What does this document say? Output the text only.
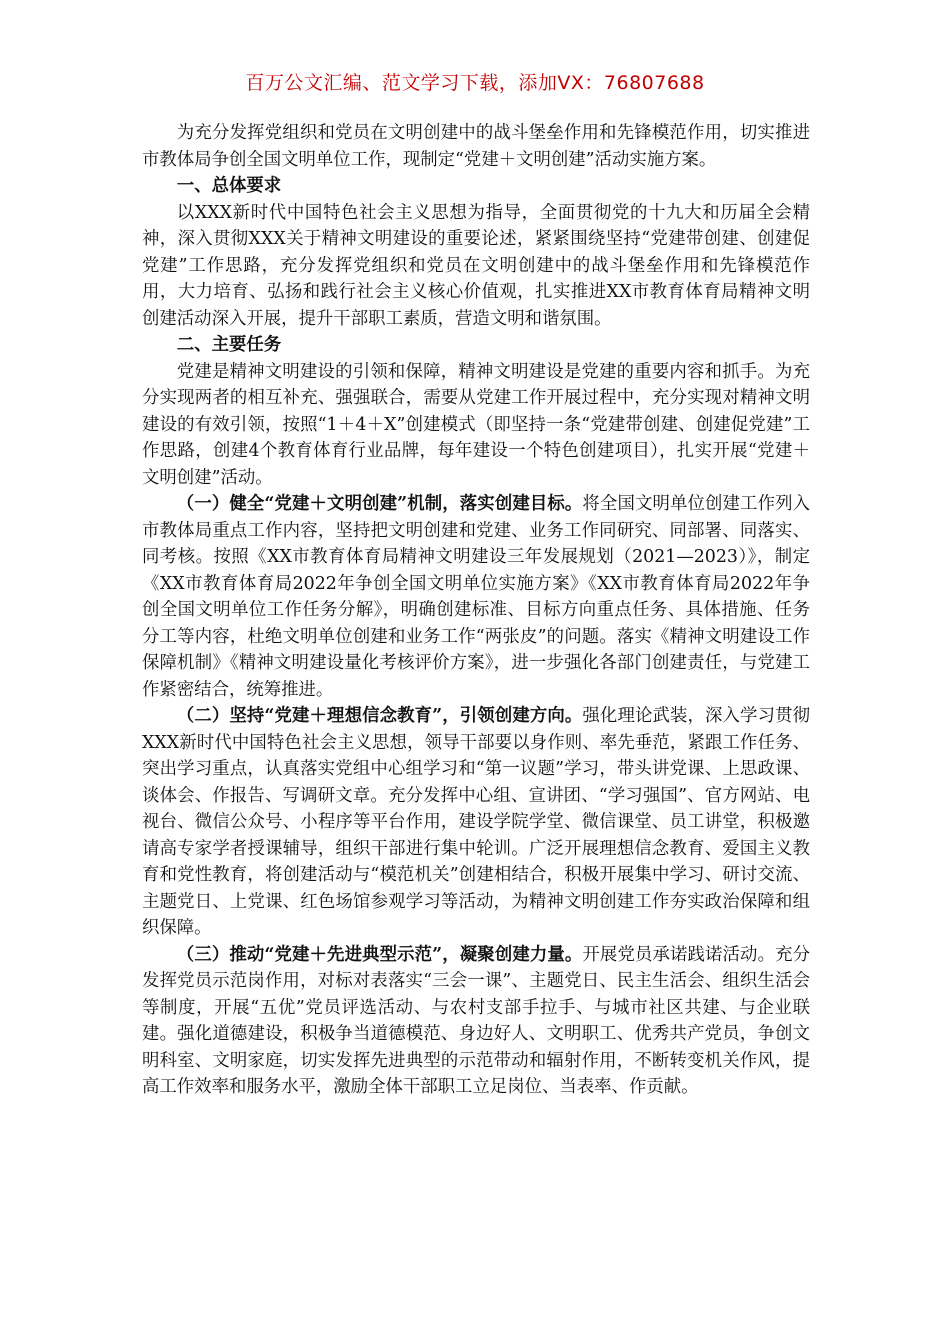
百万公文汇编、范文学习下载，添加VX：76807688

为充分发挥党组织和党员在文明创建中的战斗堡垒作用和先锋模范作用，切实推进市教体局争创全国文明单位工作，现制定“党建＋文明创建”活动实施方案。

一、总体要求

以XXX新时代中国特色社会主义思想为指导，全面贯彻党的十九大和历届全会精神，深入贯彻XXX关于精神文明建设的重要论述，紧紧围绕坚持“党建带创建、创建促党建”工作思路，充分发挥党组织和党员在文明创建中的战斗堡垒作用和先锋模范作用，大力培育、弘扬和践行社会主义核心价值观，扎实推进XX市教育体育局精神文明创建活动深入开展，提升干部职工素质，营造文明和谐氛围。

二、主要任务

党建是精神文明建设的引领和保障，精神文明建设是党建的重要内容和抓手。为充分实现两者的相互补充、强强联合，需要从党建工作开展过程中，充分实现对精神文明建设的有效引领，按照“1＋4＋X”创建模式（即坚持一条“党建带创建、创建促党建”工作思路，创建4个教育体育行业品牌，每年建设一个特色创建项目），扎实开展“党建＋文明创建”活动。

（一）健全“党建＋文明创建”机制，落实创建目标。将全国文明单位创建工作列入市教体局重点工作内容，坚持把文明创建和党建、业务工作同研究、同部署、同落实、同考核。按照《XX市教育体育局精神文明建设三年发展规划（2021—2023）》，制定《XX市教育体育局2022年争创全国文明单位实施方案》《XX市教育体育局2022年争创全国文明单位工作任务分解》，明确创建标准、目标方向重点任务、具体措施、任务分工等内容，杜绝文明单位创建和业务工作“两张皮”的问题。落实《精神文明建设工作保障机制》《精神文明建设量化考核评价方案》，进一步强化各部门创建责任，与党建工作紧密结合，统筹推进。

（二）坚持“党建＋理想信念教育”，引领创建方向。强化理论武装，深入学习贯彻XXX新时代中国特色社会主义思想，领导干部要以身作则、率先垂范，紧跟工作任务、突出学习重点，认真落实党组中心组学习和“第一议题”学习，带头讲党课、上思政课、谈体会、作报告、写调研文章。充分发挥中心组、宣讲团、“学习强国”、官方网站、电视台、微信公众号、小程序等平台作用，建设学院学堂、微信课堂、员工讲堂，积极邀请高专家学者授课辅导，组织干部进行集中轮训。广泛开展理想信念教育、爱国主义教育和党性教育，将创建活动与“模范机关”创建相结合，积极开展集中学习、研讨交流、主题党日、上党课、红色场馆参观学习等活动，为精神文明创建工作夯实政治保障和组织保障。

（三）推动“党建＋先进典型示范”，凝聚创建力量。开展党员承诺践诺活动。充分发挥党员示范岗作用，对标对表落实“三会一课”、主题党日、民主生活会、组织生活会等制度，开展“五优”党员评选活动、与农村支部手拉手、与城市社区共建、与企业联建。强化道德建设，积极争当道德模范、身边好人、文明职工、优秀共产党员，争创文明科室、文明家庭，切实发挥先进典型的示范带动和辐射作用，不断转变机关作风，提高工作效率和服务水平，激励全体干部职工立足岗位、当表率、作贡献。
